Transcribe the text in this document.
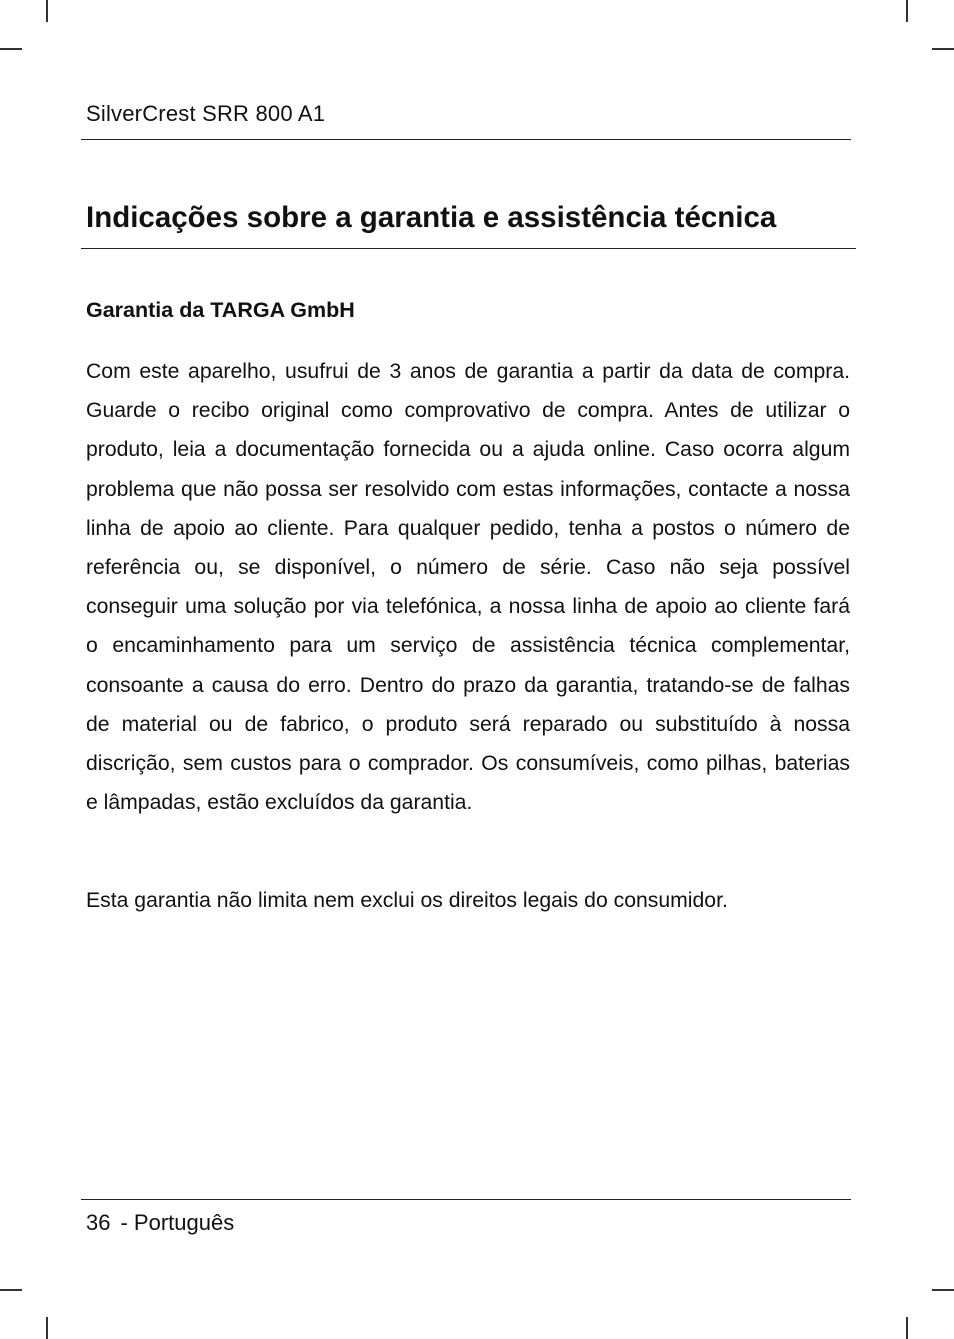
SilverCrest SRR 800 A1
Indicações sobre a garantia e assistência técnica
Garantia da TARGA GmbH

Com este aparelho, usufrui de 3 anos de garantia a partir da data de compra. Guarde o recibo original como comprovativo de compra. Antes de utilizar o produto, leia a documentação fornecida ou a ajuda online. Caso ocorra algum problema que não possa ser resolvido com estas informações, contacte a nossa linha de apoio ao cliente. Para qualquer pedido, tenha a postos o número de referência ou, se disponível, o número de série. Caso não seja possível conseguir uma solução por via telefónica, a nossa linha de apoio ao cliente fará o encaminhamento para um serviço de assistência técnica complementar, consoante a causa do erro. Dentro do prazo da garantia, tratando-se de falhas de material ou de fabrico, o produto será reparado ou substituído à nossa discrição, sem custos para o comprador. Os consumíveis, como pilhas, baterias e lâmpadas, estão excluídos da garantia.

Esta garantia não limita nem exclui os direitos legais do consumidor.

36 - Português
